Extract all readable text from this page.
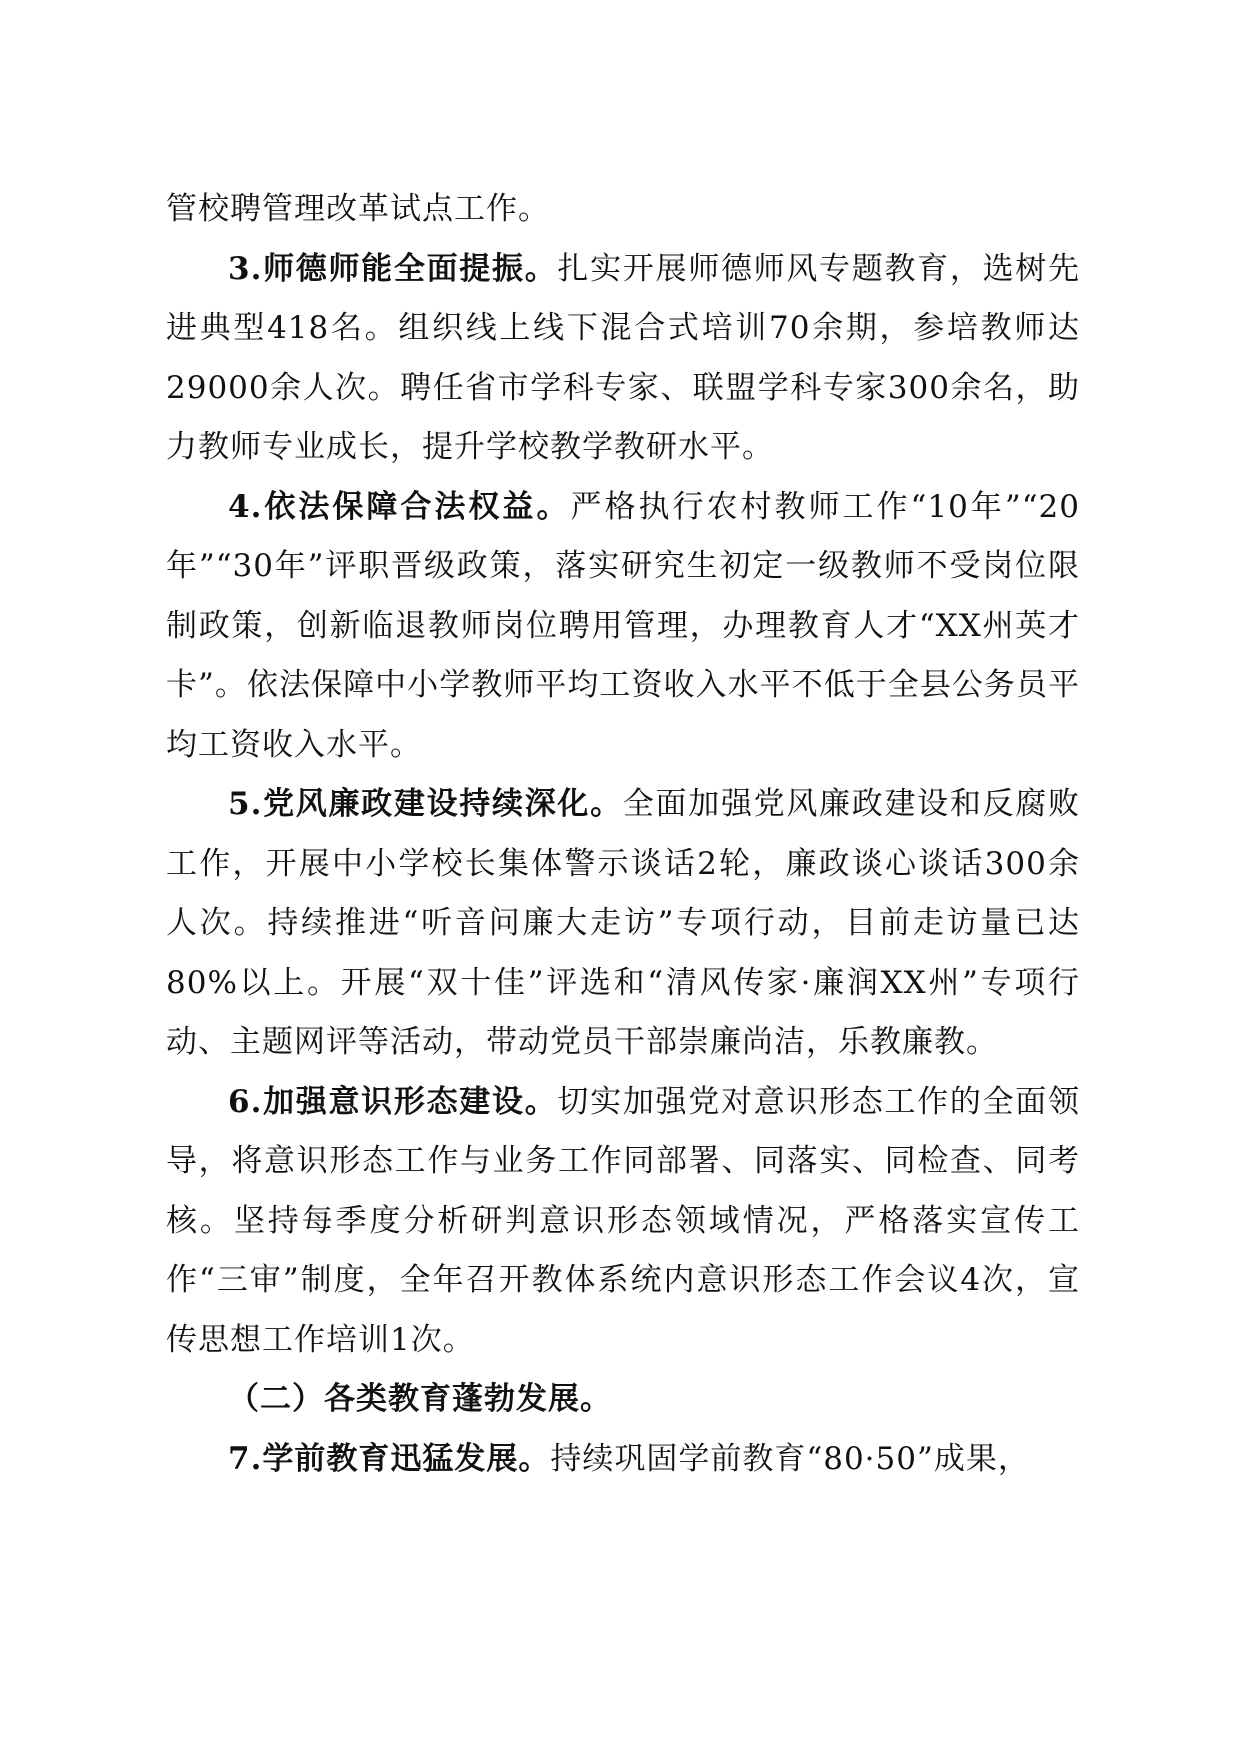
管校聘管理改革试点工作。

3.师德师能全面提振。扎实开展师德师风专题教育，选树先进典型418名。组织线上线下混合式培训70余期，参培教师达29000余人次。聘任省市学科专家、联盟学科专家300余名，助力教师专业成长，提升学校教学教研水平。

4.依法保障合法权益。严格执行农村教师工作“10年”“20年”“30年”评职晋级政策，落实研究生初定一级教师不受岗位限制政策，创新临退教师岗位聘用管理，办理教育人才“XX州英才卡”。依法保障中小学教师平均工资收入水平不低于全县公务员平均工资收入水平。

5.党风廉政建设持续深化。全面加强党风廉政建设和反腐败工作，开展中小学校长集体警示谈话2轮，廉政谈心谈话300余人次。持续推进“听音问廉大走访”专项行动，目前走访量已达80%以上。开展“双十佳”评选和“清风传家·廉润XX州”专项行动、主题网评等活动，带动党员干部崇廉尚洁，乐教廉教。

6.加强意识形态建设。切实加强党对意识形态工作的全面领导，将意识形态工作与业务工作同部署、同落实、同检查、同考核。坚持每季度分析研判意识形态领域情况，严格落实宣传工作“三审”制度，全年召开教体系统内意识形态工作会议4次，宣传思想工作培训1次。

（二）各类教育蓬勃发展。

7.学前教育迅猛发展。持续巩固学前教育“80·50”成果，
